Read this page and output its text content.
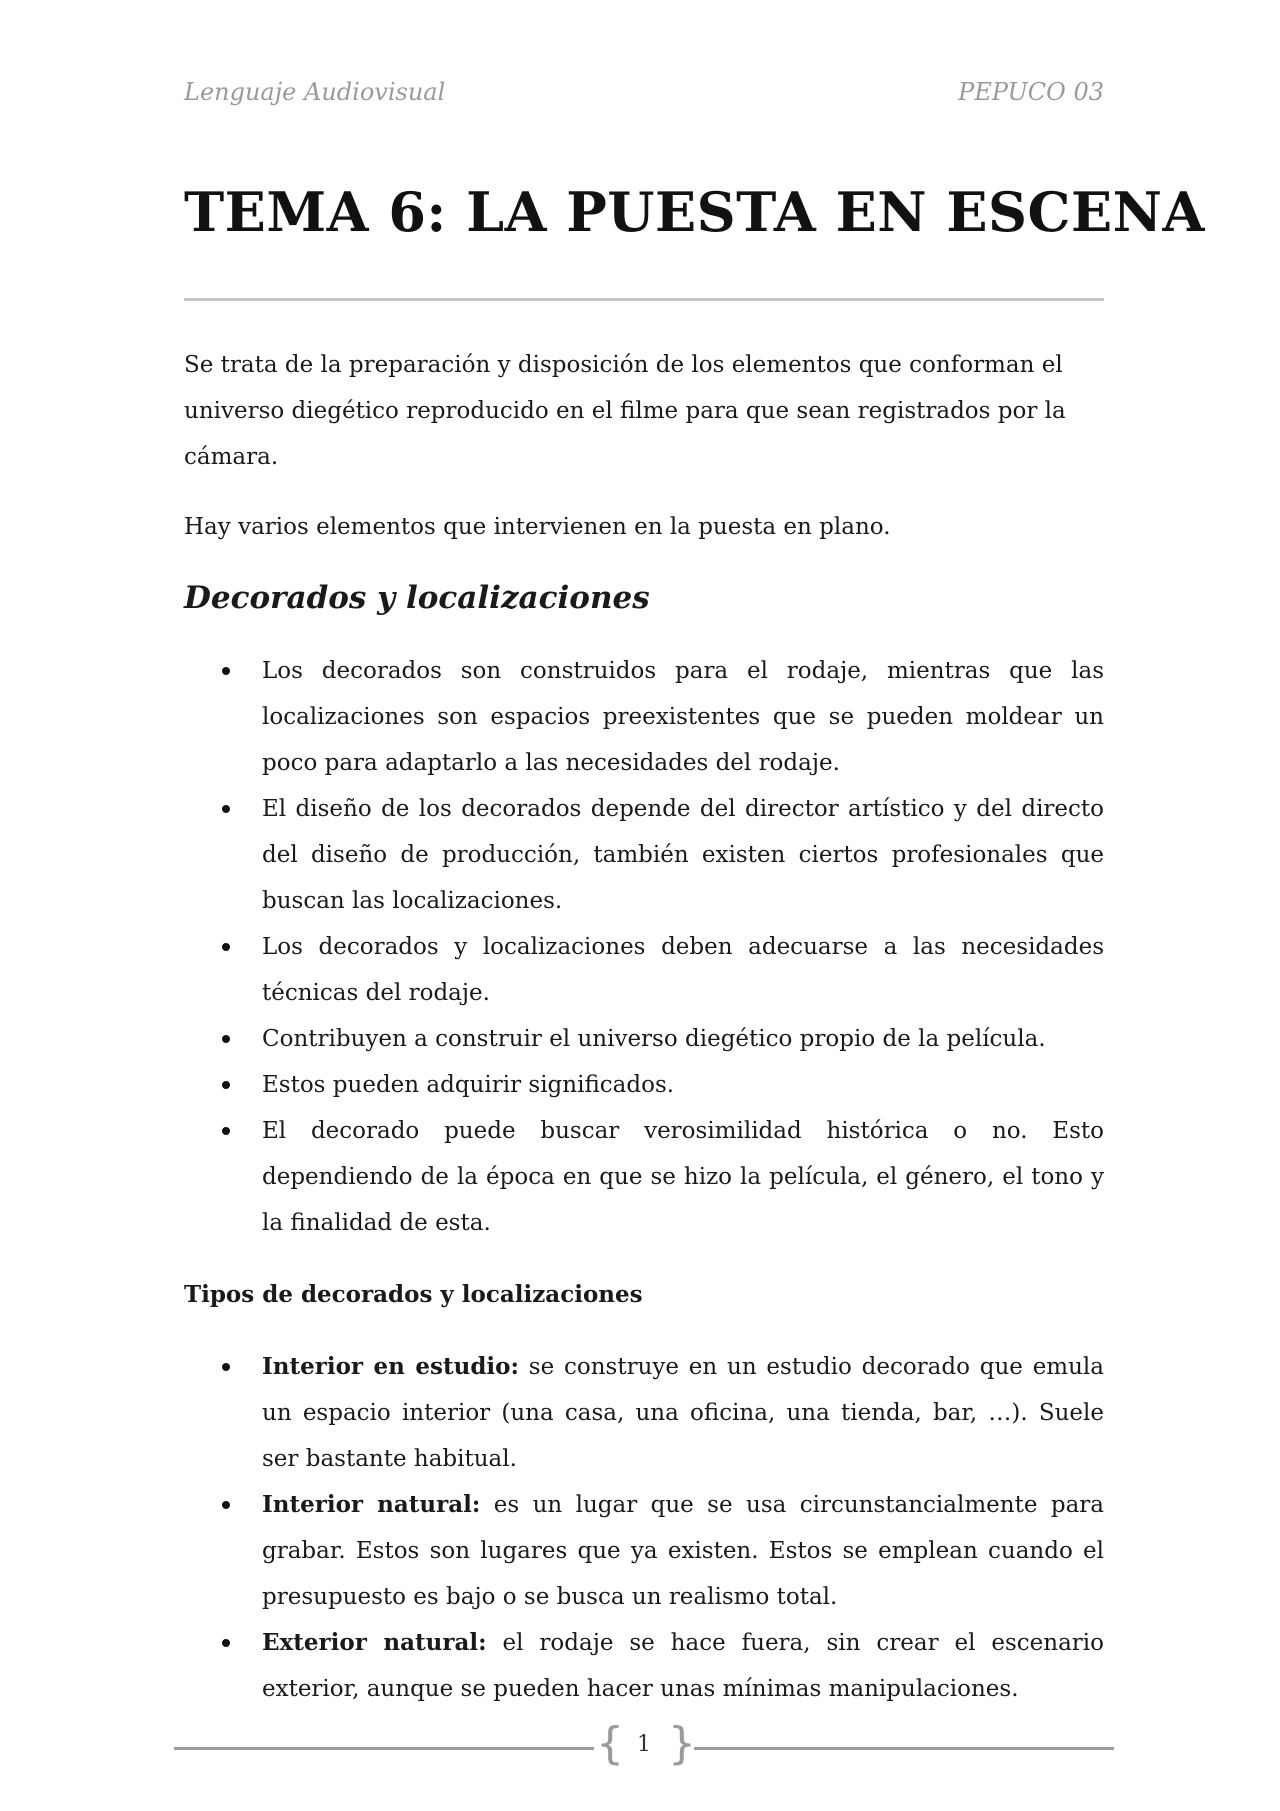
Lenguaje Audiovisual	PEPUCO 03
TEMA 6: LA PUESTA EN ESCENA

Se trata de la preparación y disposición de los elementos que conforman el universo diegético reproducido en el filme para que sean registrados por la cámara.

Hay varios elementos que intervienen en la puesta en plano.

Decorados y localizaciones
Los decorados son construidos para el rodaje, mientras que las localizaciones son espacios preexistentes que se pueden moldear un poco para adaptarlo a las necesidades del rodaje.
El diseño de los decorados depende del director artístico y del directo del diseño de producción, también existen ciertos profesionales que buscan las localizaciones.
Los decorados y localizaciones deben adecuarse a las necesidades técnicas del rodaje.
Contribuyen a construir el universo diegético propio de la película.
Estos pueden adquirir significados.
El decorado puede buscar verosimilidad histórica o no. Esto dependiendo de la época en que se hizo la película, el género, el tono y la finalidad de esta.
Tipos de decorados y localizaciones
Interior en estudio: se construye en un estudio decorado que emula un espacio interior (una casa, una oficina, una tienda, bar, …). Suele ser bastante habitual.
Interior natural: es un lugar que se usa circunstancialmente para grabar. Estos son lugares que ya existen. Estos se emplean cuando el presupuesto es bajo o se busca un realismo total.
Exterior natural: el rodaje se hace fuera, sin crear el escenario exterior, aunque se pueden hacer unas mínimas manipulaciones.
{ 1 }
